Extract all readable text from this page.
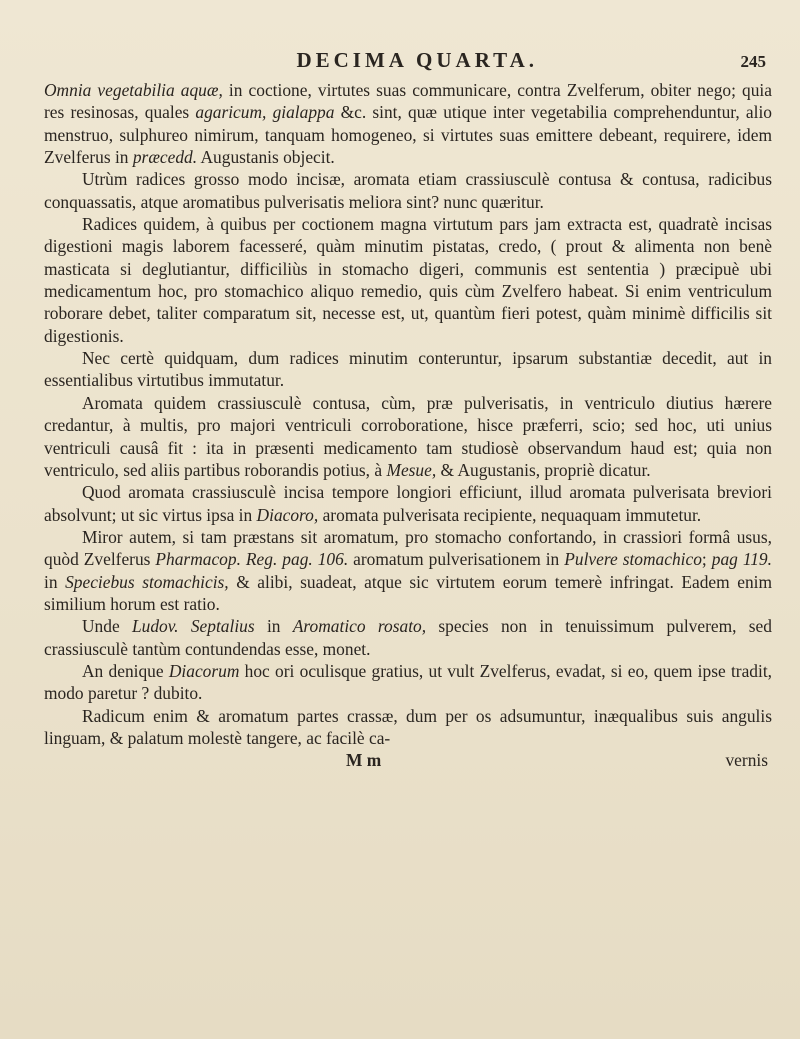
DECIMA QUARTA.	245

Omnia vegetabilia aquæ, in coctione, virtutes suas communicare, contra Zvelferum, obiter nego; quia res resinosas, quales agaricum, gialappa &c. sint, quæ utique inter vegetabilia comprehenduntur, alio menstruo, sulphureo nimirum, tanquam homogeneo, si virtutes suas emittere debeant, requirere, idem Zvelferus in præcedd. Augustanis objecit.

Utrùm radices grosso modo incisæ, aromata etiam crassiusculè contusa & contusa, radicibus conquassatis, atque aromatibus pulverisatis meliora sint? nunc quæritur.

Radices quidem, à quibus per coctionem magna virtutum pars jam extracta est, quadratè incisas digestioni magis laborem facesseré, quàm minutim pistatas, credo, ( prout & alimenta non benè masticata si deglutiantur, difficiliùs in stomacho digeri, communis est sententia ) præcipuè ubi medicamentum hoc, pro stomachico aliquo remedio, quis cùm Zvelfero habeat. Si enim ventriculum roborare debet, taliter comparatum sit, necesse est, ut, quantùm fieri potest, quàm minimè difficilis sit digestionis.

Nec certè quidquam, dum radices minutim conteruntur, ipsarum substantiæ decedit, aut in essentialibus virtutibus immutatur.

Aromata quidem crassiusculè contusa, cùm, præ pulverisatis, in ventriculo diutius hærere credantur, à multis, pro majori ventriculi corroboratione, hisce præferri, scio; sed hoc, uti unius ventriculi causâ fit : ita in præsenti medicamento tam studiosè observandum haud est; quia non ventriculo, sed aliis partibus roborandis potius, à Mesue, & Augustanis, propriè dicatur.

Quod aromata crassiusculè incisa tempore longiori efficiunt, illud aromata pulverisata breviori absolvunt; ut sic virtus ipsa in Diacoro, aromata pulverisata recipiente, nequaquam immutetur.

Miror autem, si tam præstans sit aromatum, pro stomacho confortando, in crassiori formâ usus, quòd Zvelferus Pharmacop. Reg. pag. 106. aromatum pulverisationem in Pulvere stomachico; pag 119. in Speciebus stomachicis, & alibi, suadeat, atque sic virtutem eorum temerè infringat. Eadem enim similium horum est ratio.

Unde Ludov. Septalius in Aromatico rosato, species non in tenuissimum pulverem, sed crassiusculè tantùm contundendas esse, monet.

An denique Diacorum hoc ori oculisque gratius, ut vult Zvelferus, evadat, si eo, quem ipse tradit, modo paretur ? dubito.

Radicum enim & aromatum partes crassæ, dum per os adsumuntur, inæqualibus suis angulis linguam, & palatum molestè tangere, ac facilè ca-

M m	vernis
